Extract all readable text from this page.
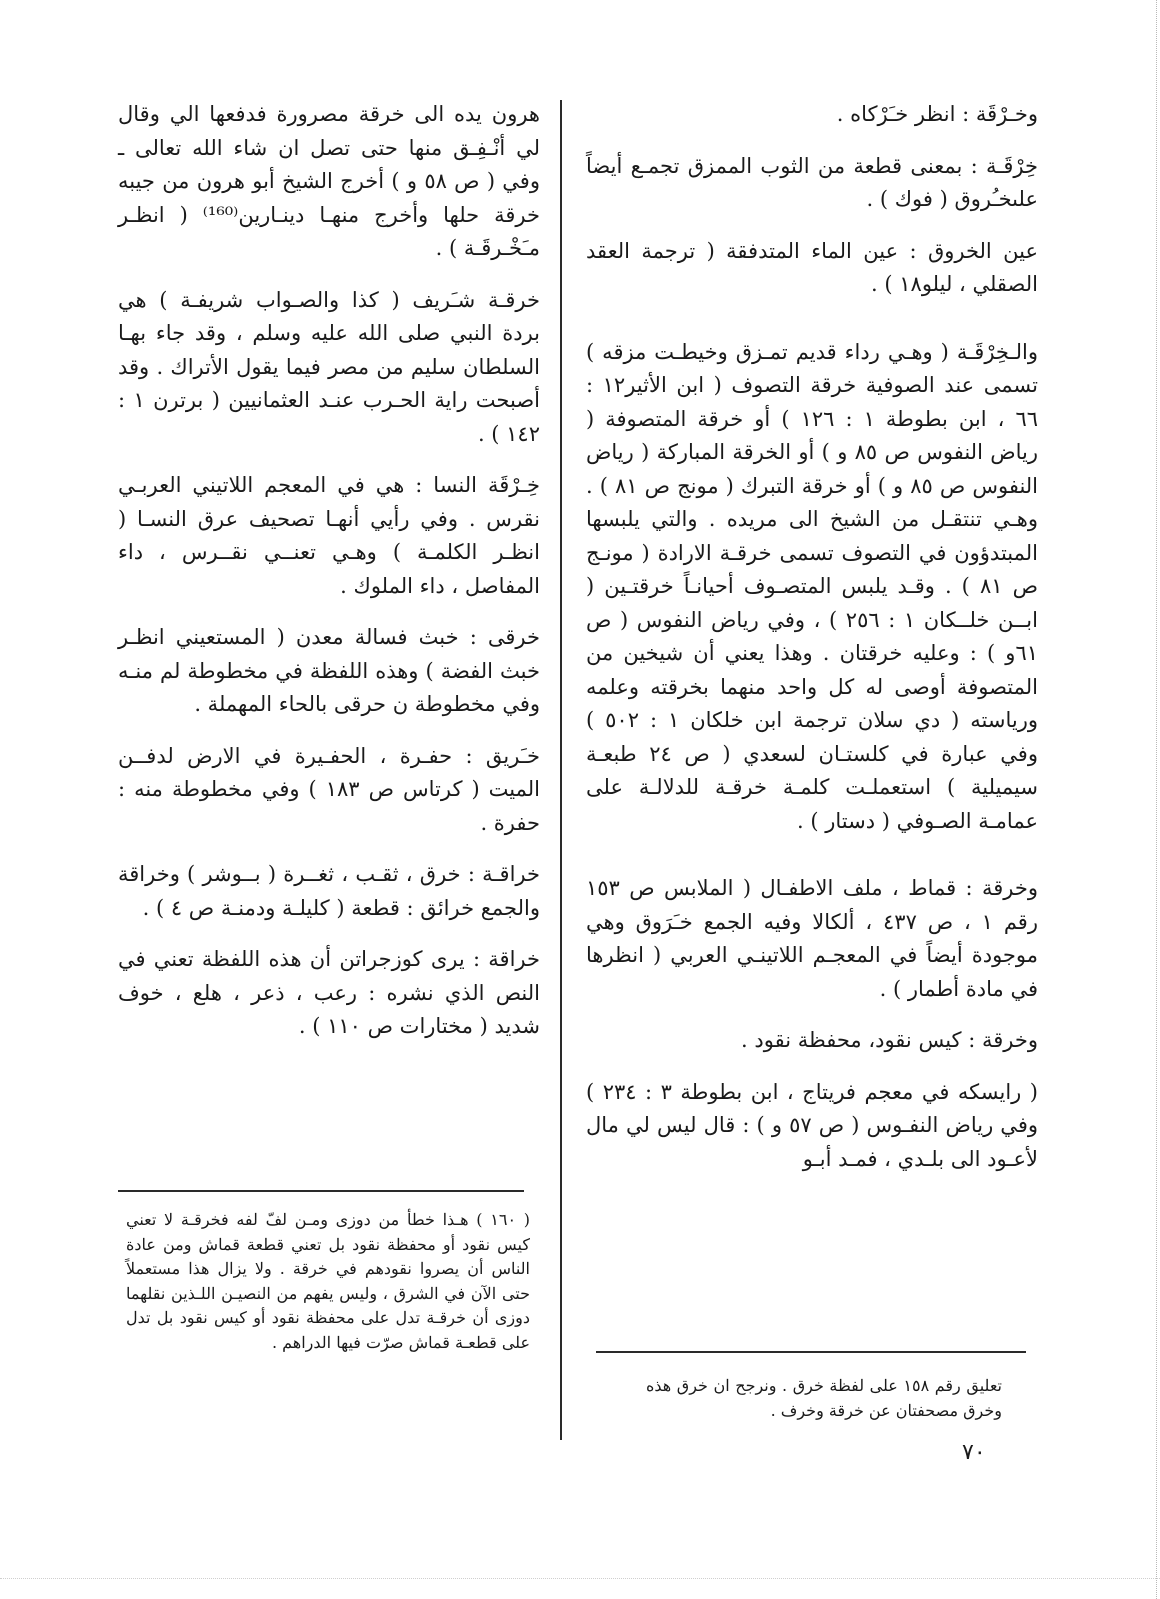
وخـرْقَة : انظر خـَرْكاه .

خِرْقَـة : بمعنى قطعة من الثوب الممزق تجمـع أيضاً علىخـُروق ( فوك ) .

عين الخروق : عين الماء المتدفقة ( ترجمة العقد الصقلي ، ليلو١٨ ) .

والـخِرْقَـة ( وهـي رداء قديم تمـزق وخيطـت مزقه ) تسمى عند الصوفية خرقة التصوف ( ابن الأثير١٢ : ٦٦ ، ابن بطوطة ١ : ١٢٦ ) أو خرقة المتصوفة ( رياض النفوس ص ٨٥ و ) أو الخرقة المباركة ( رياض النفوس ص ٨٥ و ) أو خرقة التبرك ( مونج ص ٨١ ) . وهـي تنتقـل من الشيخ الى مريده . والتي يلبسها المبتدؤون في التصوف تسمى خرقـة الارادة ( مونـج ص ٨١ ) . وقـد يلبس المتصـوف أحيانـاً خرقتـين ( ابــن خلــكان ١ : ٢٥٦ ) ، وفي رياض النفوس ( ص ٦١و ) : وعليه خرقتان . وهذا يعني أن شيخين من المتصوفة أوصى له كل واحد منهما بخرقته وعلمه ورياسته ( دي سلان ترجمة ابن خلكان ١ : ٥٠٢ ) وفي عبارة في كلستـان لسعدي ( ص ٢٤ طبعـة سيميلية ) استعملـت كلمـة خرقـة للدلالـة على عمامـة الصـوفي ( دستار ) .

وخرقة : قماط ، ملف الاطفـال ( الملابس ص ١٥٣ رقم ١ ، ص ٤٣٧ ، ألكالا وفيه الجمع خـَرَوق وهي موجودة أيضاً في المعجـم اللاتينـي العربي ( انظرها في مادة أطمار ) .

وخرقة : كيس نقود، محفظة نقود .

( رايسكه في معجم فريتاج ، ابن بطوطة ٣ : ٢٣٤ ) وفي رياض النفـوس ( ص ٥٧ و ) : قال ليس لي مال لأعـود الى بلـدي ، فمـد أبـو

هرون يده الى خرقة مصرورة فدفعها الي وقال لي أنْـفِـق منها حتى تصل ان شاء الله تعالى ـ وفي ( ص ٥٨ و ) أخرج الشيخ أبو هرون من جيبه خرقة حلها وأخرج منهـا دينـارين⁽¹⁶⁰⁾ ( انظـر مـَخْـرقَـة ) .

خرقـة شـَريف ( كذا والصـواب شريفـة ) هي بردة النبي صلى الله عليه وسلم ، وقد جاء بهـا السلطان سليم من مصر فيما يقول الأتراك . وقد أصبحت راية الحـرب عنـد العثمانيين ( برترن ١ : ١٤٢ ) .

خِـرْقَة النسا : هي في المعجم اللاتيني العربـي نقرس . وفي رأيي أنهـا تصحيف عرق النسـا ( انظـر الكلمـة ) وهـي تعنــي نقــرس ، داء المفاصل ، داء الملوك .

خرقى : خبث فسالة معدن ( المستعيني انظـر خبث الفضة ) وهذه اللفظة في مخطوطة لم منـه وفي مخطوطة ن حرقى بالحاء المهملة .

خـَريق : حفـرة ، الحفـيرة في الارض لدفــن الميت ( كرتاس ص ١٨٣ ) وفي مخطوطة منه : حفرة .

خراقـة : خرق ، ثقـب ، ثغــرة ( بــوشر ) وخراقة والجمع خرائق : قطعة ( كليلـة ودمنـة ص ٤ ) .

خراقة : يرى كوزجراتن أن هذه اللفظة تعني في النص الذي نشره : رعب ، ذعر ، هلع ، خوف شديد ( مختارات ص ١١٠ ) .

( ١٦٠ ) هـذا خطأ من دوزى ومـن لفّ لفه فخرقـة لا تعني كيس نقود أو محفظة نقود بل تعني قطعة قماش ومن عادة الناس أن يصروا نقودهم في خرقة . ولا يزال هذا مستعملاً حتى الآن في الشرق ، وليس يفهم من النصيـن اللـذين نقلهما دوزى أن خرقـة تدل على محفظة نقود أو كيس نقود بل تدل على قطعـة قماش صرّت فيها الدراهم .
تعليق رقم ١٥٨ على لفظة خرق . ونرجح ان خرق هذه وخرق مصحفتان عن خرقة وخرف .
٧٠
